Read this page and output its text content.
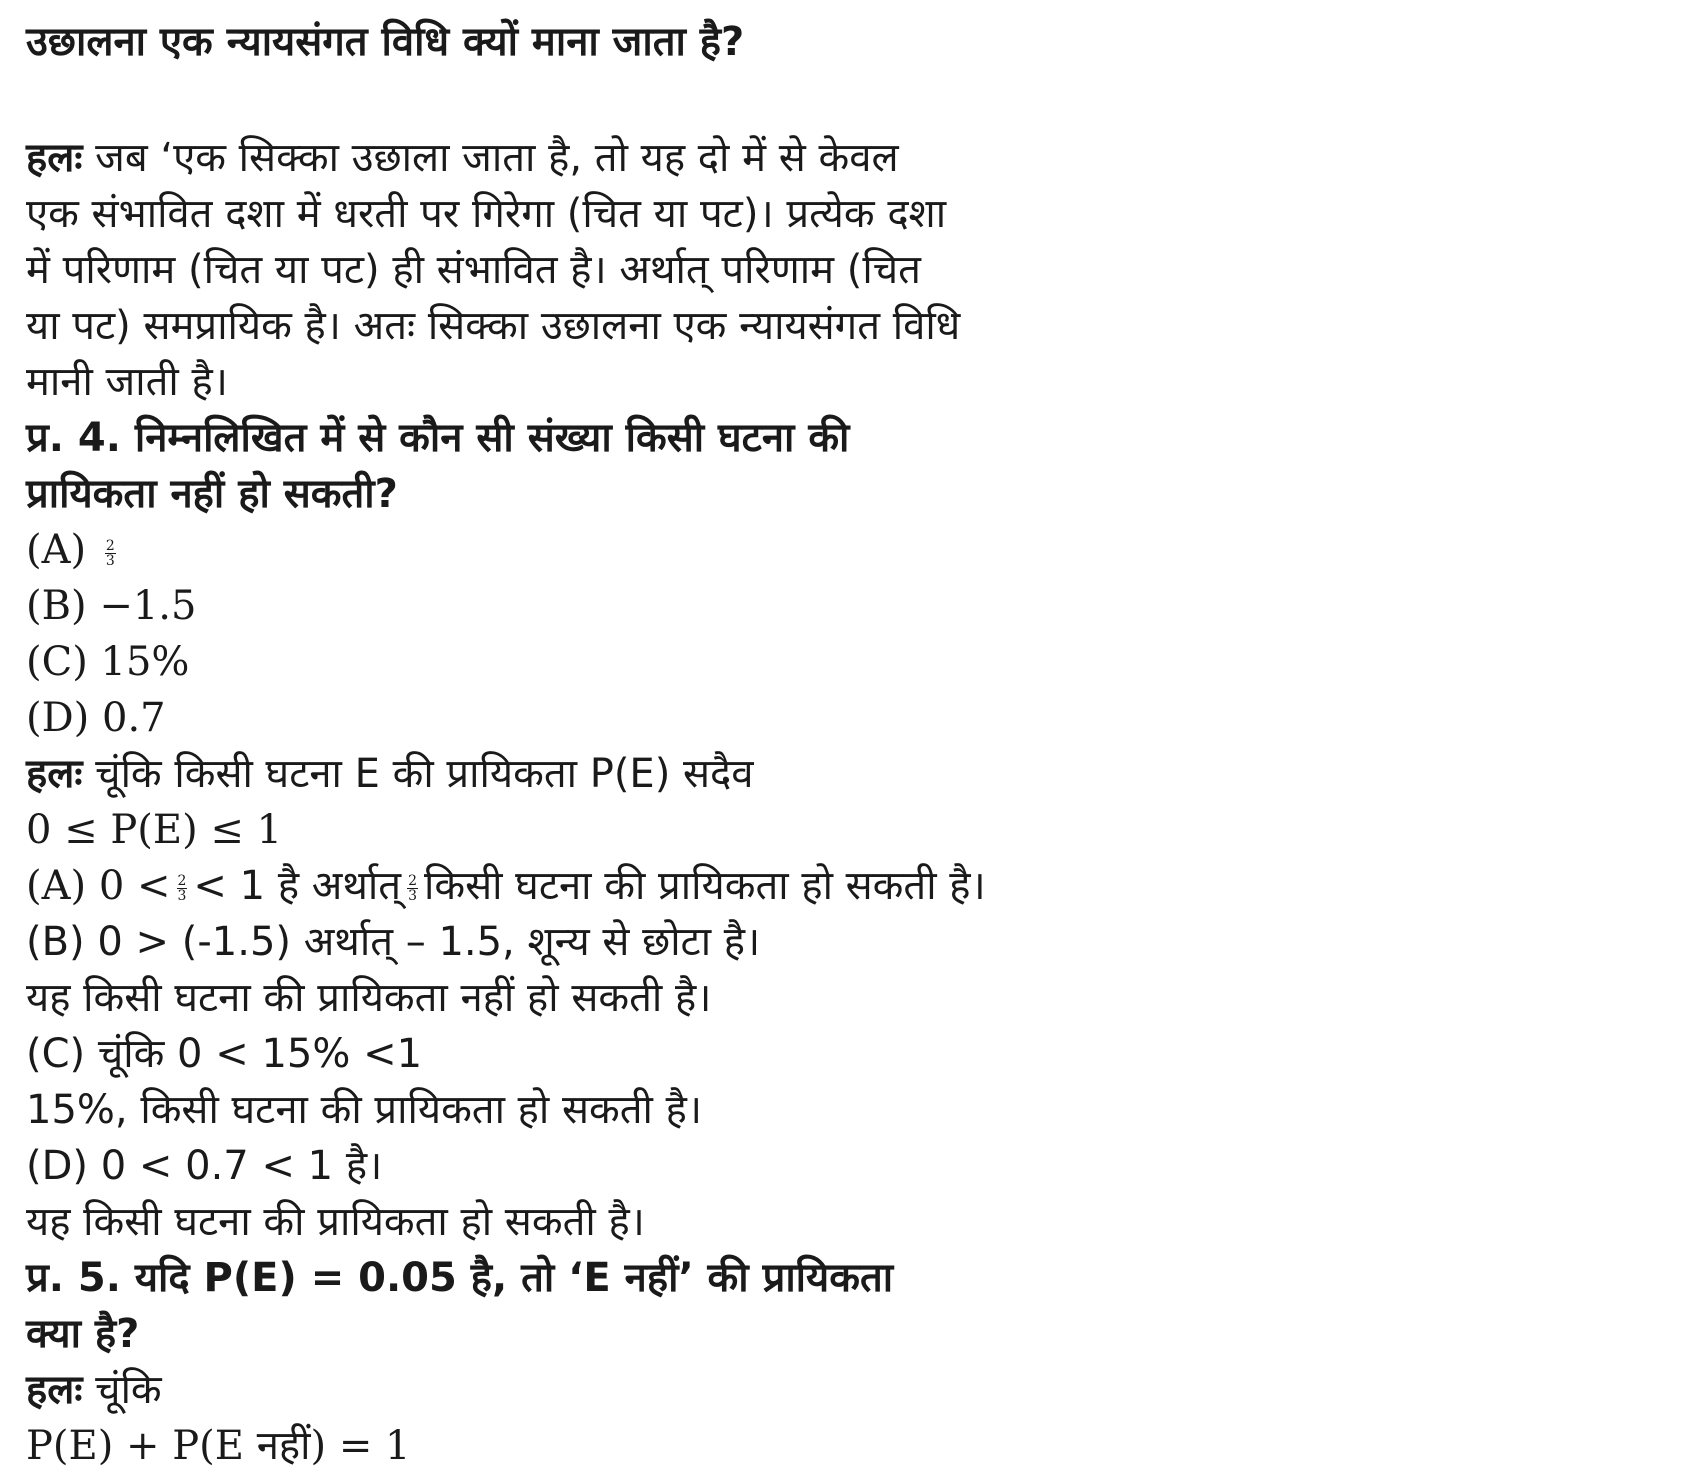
उछालना एक न्यायसंगत विधि क्यों माना जाता है?
हलः जब ‘एक सिक्का उछाला जाता है, तो यह दो में से केवल
एक संभावित दशा में धरती पर गिरेगा (चित या पट)। प्रत्येक दशा
में परिणाम (चित या पट) ही संभावित है। अर्थात् परिणाम (चित
या पट) समप्रायिक है। अतः सिक्का उछालना एक न्यायसंगत विधि
मानी जाती है।
प्र. 4. निम्नलिखित में से कौन सी संख्या किसी घटना की
प्रायिकता नहीं हो सकती?
$(A) \frac{2}{3}$
(B) −1.5
(C) 15%
(D) 0.7
हलः चूंकि किसी घटना E की प्रायिकता P(E) सदैव
0 ≤ P(E) ≤ 1
(A) $0 < \frac{2}{3} < 1$ है अर्थात् $\frac{2}{3}$ किसी घटना की प्रायिकता हो सकती है।
(B) 0 > (-1.5) अर्थात् – 1.5, शून्य से छोटा है।
यह किसी घटना की प्रायिकता नहीं हो सकती है।
(C) चूंकि 0 < 15% <1
15%, किसी घटना की प्रायिकता हो सकती है।
(D) 0 < 0.7 < 1 है।
यह किसी घटना की प्रायिकता हो सकती है।
प्र. 5. यदि P(E) = 0.05 है, तो ‘E नहीं’ की प्रायिकता
क्या है?
हलः चूंकि
P(E) + P(E नहीं) = 1
